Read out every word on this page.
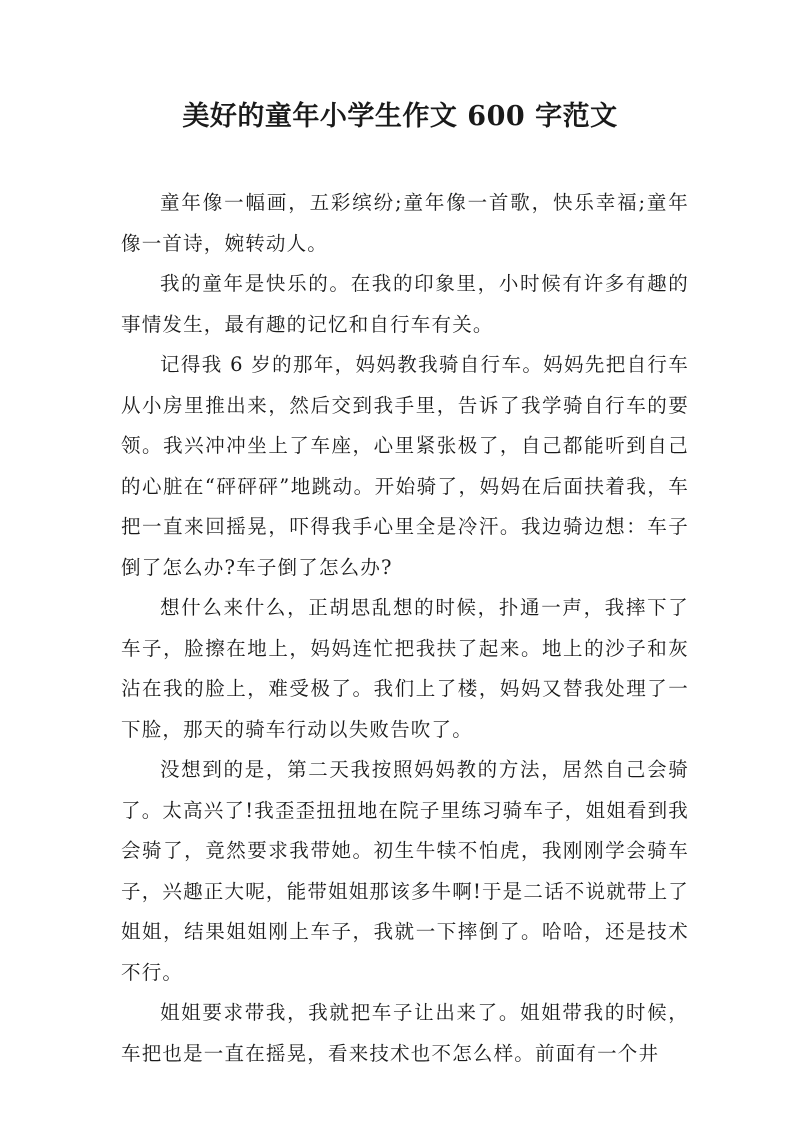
美好的童年小学生作文 600 字范文

童年像一幅画，五彩缤纷;童年像一首歌，快乐幸福;童年像一首诗，婉转动人。

我的童年是快乐的。在我的印象里，小时候有许多有趣的事情发生，最有趣的记忆和自行车有关。

记得我 6 岁的那年，妈妈教我骑自行车。妈妈先把自行车从小房里推出来，然后交到我手里，告诉了我学骑自行车的要领。我兴冲冲坐上了车座，心里紧张极了，自己都能听到自己的心脏在“砰砰砰”地跳动。开始骑了，妈妈在后面扶着我，车把一直来回摇晃，吓得我手心里全是冷汗。我边骑边想：车子倒了怎么办?车子倒了怎么办?

想什么来什么，正胡思乱想的时候，扑通一声，我摔下了车子，脸擦在地上，妈妈连忙把我扶了起来。地上的沙子和灰沾在我的脸上，难受极了。我们上了楼，妈妈又替我处理了一下脸，那天的骑车行动以失败告吹了。

没想到的是，第二天我按照妈妈教的方法，居然自己会骑了。太高兴了!我歪歪扭扭地在院子里练习骑车子，姐姐看到我会骑了，竟然要求我带她。初生牛犊不怕虎，我刚刚学会骑车子，兴趣正大呢，能带姐姐那该多牛啊!于是二话不说就带上了姐姐，结果姐姐刚上车子，我就一下摔倒了。哈哈，还是技术不行。

姐姐要求带我，我就把车子让出来了。姐姐带我的时候，车把也是一直在摇晃，看来技术也不怎么样。前面有一个井
